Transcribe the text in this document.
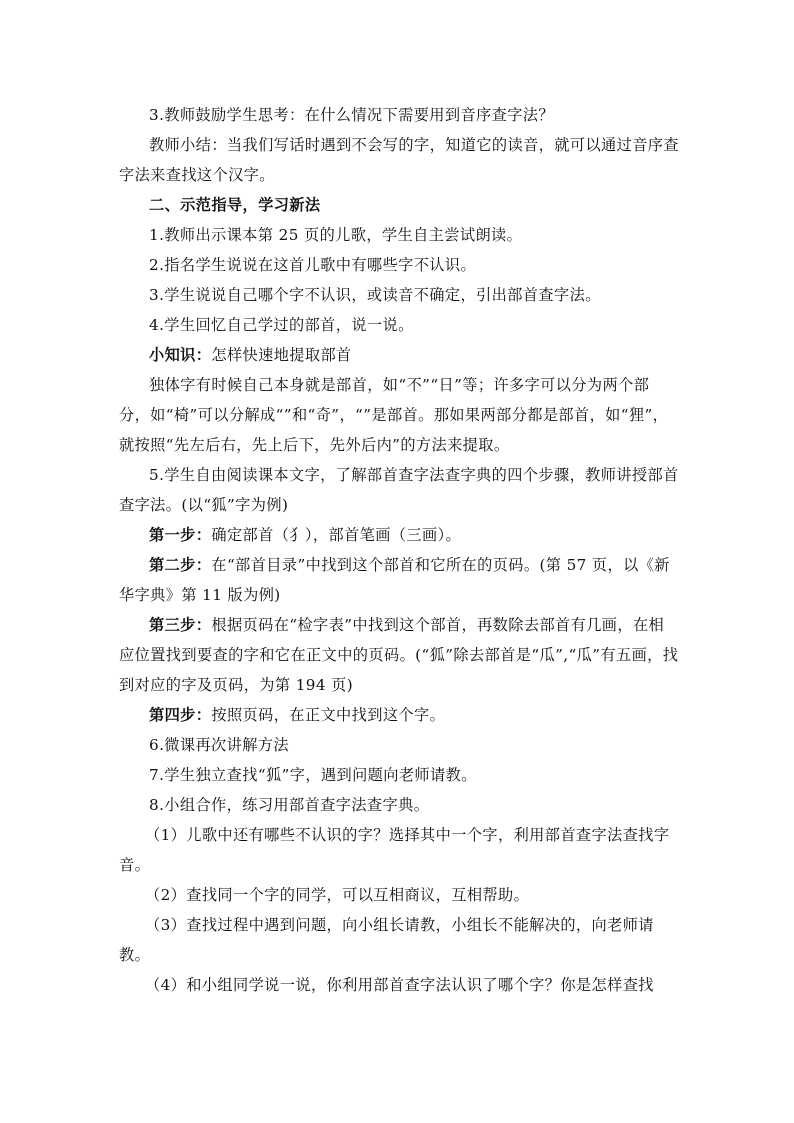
3.教师鼓励学生思考：在什么情况下需要用到音序查字法？

教师小结：当我们写话时遇到不会写的字，知道它的读音，就可以通过音序查字法来查找这个汉字。

二、示范指导，学习新法

1.教师出示课本第 25 页的儿歌，学生自主尝试朗读。

2.指名学生说说在这首儿歌中有哪些字不认识。

3.学生说说自己哪个字不认识，或读音不确定，引出部首查字法。

4.学生回忆自己学过的部首，说一说。

小知识：怎样快速地提取部首

独体字有时候自己本身就是部首，如“不”“日”等；许多字可以分为两个部分，如“椅”可以分解成“”和“奇”，“”是部首。那如果两部分都是部首，如“狸”，就按照“先左后右，先上后下，先外后内”的方法来提取。

5.学生自由阅读课本文字，了解部首查字法查字典的四个步骤，教师讲授部首查字法。(以“狐”字为例)

第一步：确定部首（犭），部首笔画（三画）。

第二步：在“部首目录”中找到这个部首和它所在的页码。(第 57 页，以《新华字典》第 11 版为例)

第三步：根据页码在“检字表”中找到这个部首，再数除去部首有几画，在相应位置找到要查的字和它在正文中的页码。(“狐”除去部首是“瓜”,“瓜”有五画，找到对应的字及页码，为第 194 页)

第四步：按照页码，在正文中找到这个字。

6.微课再次讲解方法

7.学生独立查找“狐”字，遇到问题向老师请教。

8.小组合作，练习用部首查字法查字典。

（1）儿歌中还有哪些不认识的字？选择其中一个字，利用部首查字法查找字音。

（2）查找同一个字的同学，可以互相商议，互相帮助。

（3）查找过程中遇到问题，向小组长请教，小组长不能解决的，向老师请教。

（4）和小组同学说一说，你利用部首查字法认识了哪个字？你是怎样查找
